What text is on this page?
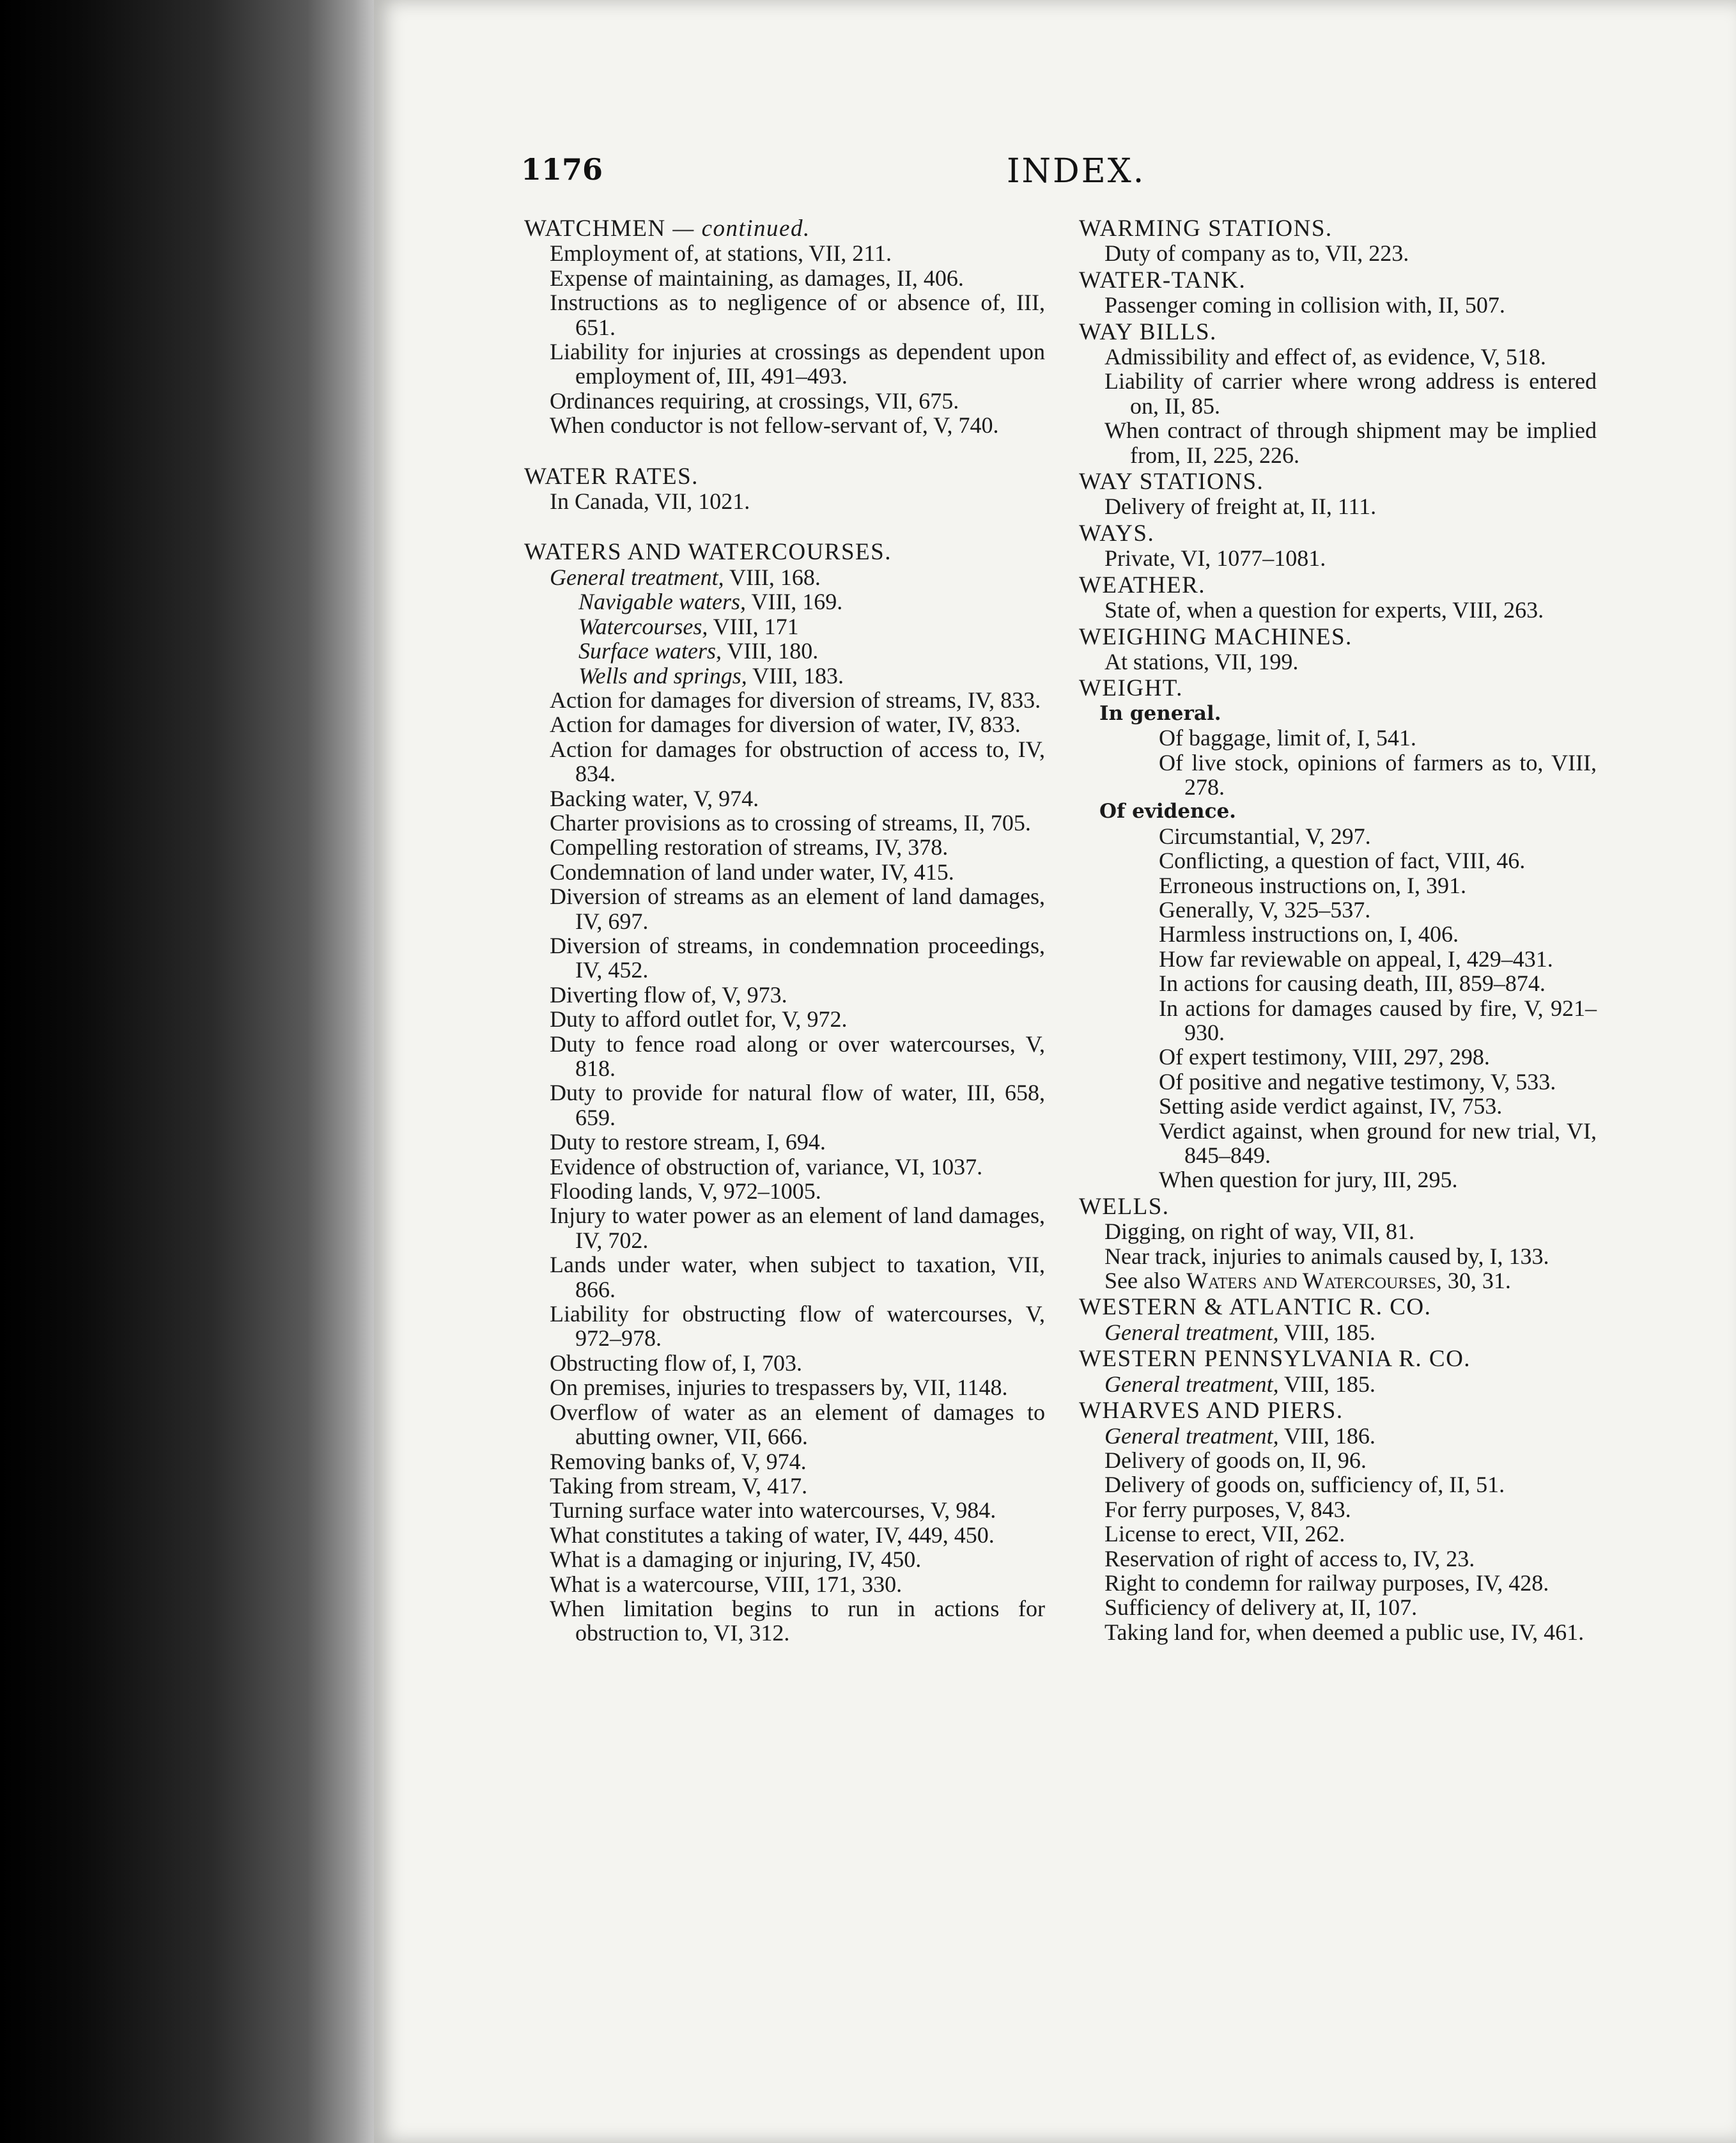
1176	INDEX.
WATCHMEN — continued.
Employment of, at stations, VII, 211.
Expense of maintaining, as damages, II, 406.
Instructions as to negligence of or absence of, III, 651.
Liability for injuries at crossings as dependent upon employment of, III, 491–493.
Ordinances requiring, at crossings, VII, 675.
When conductor is not fellow-servant of, V, 740.
WATER RATES.
In Canada, VII, 1021.
WATERS AND WATERCOURSES.
General treatment, VIII, 168.
Navigable waters, VIII, 169.
Watercourses, VIII, 171
Surface waters, VIII, 180.
Wells and springs, VIII, 183.
Action for damages for diversion of streams, IV, 833.
Action for damages for diversion of water, IV, 833.
Action for damages for obstruction of access to, IV, 834.
Backing water, V, 974.
Charter provisions as to crossing of streams, II, 705.
Compelling restoration of streams, IV, 378.
Condemnation of land under water, IV, 415.
Diversion of streams as an element of land damages, IV, 697.
Diversion of streams, in condemnation proceedings, IV, 452.
Diverting flow of, V, 973.
Duty to afford outlet for, V, 972.
Duty to fence road along or over watercourses, V, 818.
Duty to provide for natural flow of water, III, 658, 659.
Duty to restore stream, I, 694.
Evidence of obstruction of, variance, VI, 1037.
Flooding lands, V, 972–1005.
Injury to water power as an element of land damages, IV, 702.
Lands under water, when subject to taxation, VII, 866.
Liability for obstructing flow of watercourses, V, 972–978.
Obstructing flow of, I, 703.
On premises, injuries to trespassers by, VII, 1148.
Overflow of water as an element of damages to abutting owner, VII, 666.
Removing banks of, V, 974.
Taking from stream, V, 417.
Turning surface water into watercourses, V, 984.
What constitutes a taking of water, IV, 449, 450.
What is a damaging or injuring, IV, 450.
What is a watercourse, VIII, 171, 330.
When limitation begins to run in actions for obstruction to, VI, 312.
WARMING STATIONS.
Duty of company as to, VII, 223.
WATER-TANK.
Passenger coming in collision with, II, 507.
WAY BILLS.
Admissibility and effect of, as evidence, V, 518.
Liability of carrier where wrong address is entered on, II, 85.
When contract of through shipment may be implied from, II, 225, 226.
WAY STATIONS.
Delivery of freight at, II, 111.
WAYS.
Private, VI, 1077–1081.
WEATHER.
State of, when a question for experts, VIII, 263.
WEIGHING MACHINES.
At stations, VII, 199.
WEIGHT.
In general.
Of baggage, limit of, I, 541.
Of live stock, opinions of farmers as to, VIII, 278.
Of evidence.
Circumstantial, V, 297.
Conflicting, a question of fact, VIII, 46.
Erroneous instructions on, I, 391.
Generally, V, 325–537.
Harmless instructions on, I, 406.
How far reviewable on appeal, I, 429–431.
In actions for causing death, III, 859–874.
In actions for damages caused by fire, V, 921–930.
Of expert testimony, VIII, 297, 298.
Of positive and negative testimony, V, 533.
Setting aside verdict against, IV, 753.
Verdict against, when ground for new trial, VI, 845–849.
When question for jury, III, 295.
WELLS.
Digging, on right of way, VII, 81.
Near track, injuries to animals caused by, I, 133.
See also Waters and Watercourses, 30, 31.
WESTERN & ATLANTIC R. CO.
General treatment, VIII, 185.
WESTERN PENNSYLVANIA R. CO.
General treatment, VIII, 185.
WHARVES AND PIERS.
General treatment, VIII, 186.
Delivery of goods on, II, 96.
Delivery of goods on, sufficiency of, II, 51.
For ferry purposes, V, 843.
License to erect, VII, 262.
Reservation of right of access to, IV, 23.
Right to condemn for railway purposes, IV, 428.
Sufficiency of delivery at, II, 107.
Taking land for, when deemed a public use, IV, 461.
